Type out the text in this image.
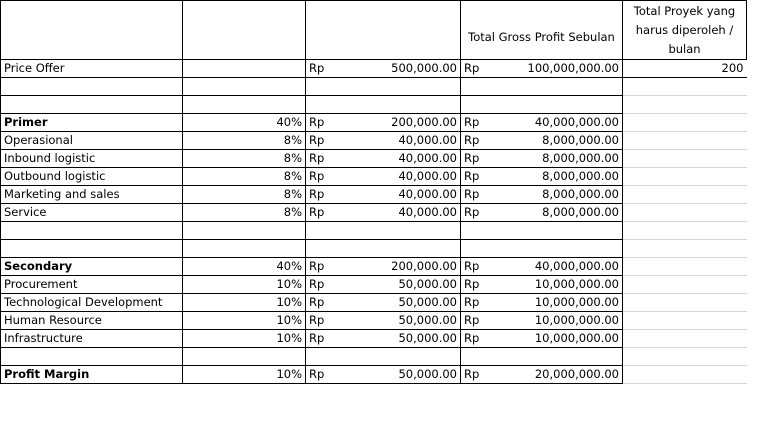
			Total Gross Profit Sebulan	Total Proyek yang harus diperoleh / bulan
Price Offer		Rp 500,000.00	Rp 100,000,000.00	200

Primer	40%	Rp 200,000.00	Rp 40,000,000.00	

Operasional	8%	Rp 40,000.00	Rp 8,000,000.00	

Inbound logistic	8%	Rp 40,000.00	Rp 8,000,000.00	

Outbound logistic	8%	Rp 40,000.00	Rp 8,000,000.00	

Marketing and sales	8%	Rp 40,000.00	Rp 8,000,000.00	

Service	8%	Rp 40,000.00	Rp 8,000,000.00	

Secondary	40%	Rp 200,000.00	Rp 40,000,000.00	

Procurement	10%	Rp 50,000.00	Rp 10,000,000.00	

Technological Development	10%	Rp 50,000.00	Rp 10,000,000.00	

Human Resource	10%	Rp 50,000.00	Rp 10,000,000.00	

Infrastructure	10%	Rp 50,000.00	Rp 10,000,000.00	

Profit Margin	10%	Rp 50,000.00	Rp 20,000,000.00	
